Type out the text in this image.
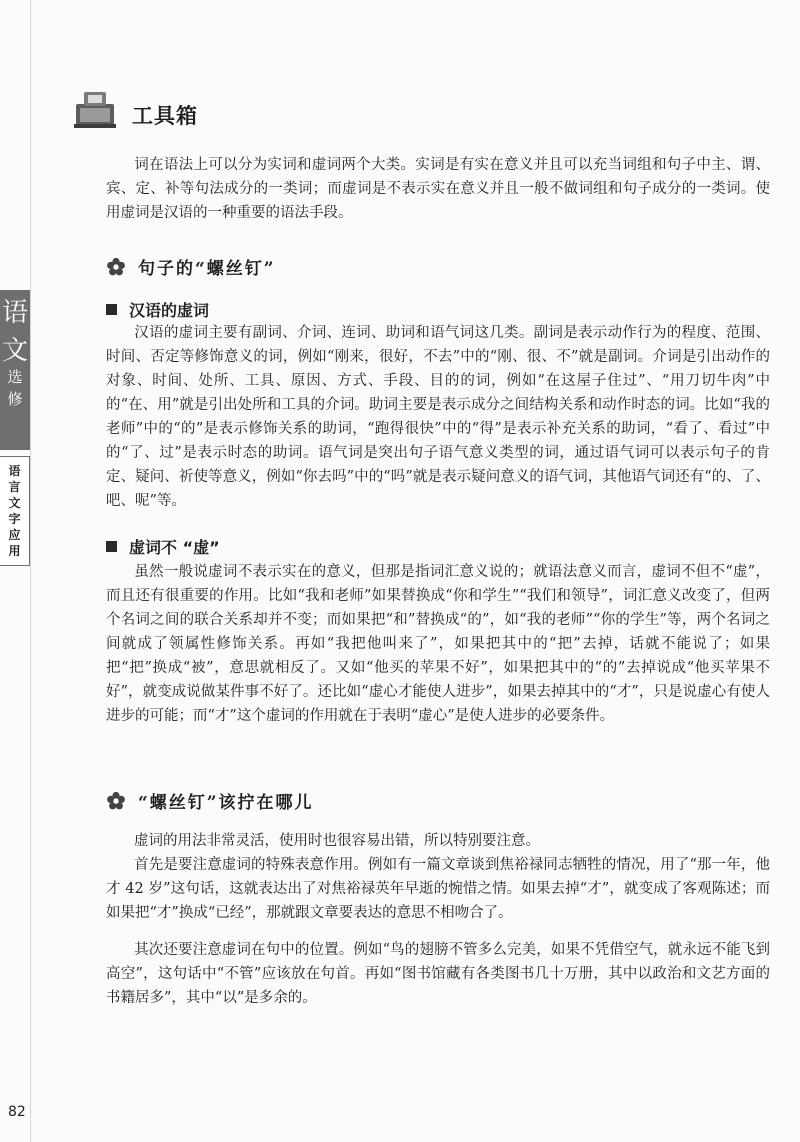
语
文
选
修
语言文字应用
工具箱

词在语法上可以分为实词和虚词两个大类。实词是有实在意义并且可以充当词组和句子中主、谓、宾、定、补等句法成分的一类词；而虚词是不表示实在意义并且一般不做词组和句子成分的一类词。使用虚词是汉语的一种重要的语法手段。

句子的“螺丝钉”
汉语的虚词

汉语的虚词主要有副词、介词、连词、助词和语气词这几类。副词是表示动作行为的程度、范围、时间、否定等修饰意义的词，例如“刚来，很好，不去”中的“刚、很、不”就是副词。介词是引出动作的对象、时间、处所、工具、原因、方式、手段、目的的词，例如“在这屋子住过”、“用刀切牛肉”中的“在、用”就是引出处所和工具的介词。助词主要是表示成分之间结构关系和动作时态的词。比如“我的老师”中的“的”是表示修饰关系的助词，“跑得很快”中的“得”是表示补充关系的助词，“看了、看过”中的“了、过”是表示时态的助词。语气词是突出句子语气意义类型的词，通过语气词可以表示句子的肯定、疑问、祈使等意义，例如“你去吗”中的“吗”就是表示疑问意义的语气词，其他语气词还有“的、了、吧、呢”等。

虚词不 “虚”

虽然一般说虚词不表示实在的意义，但那是指词汇意义说的；就语法意义而言，虚词不但不“虚”，而且还有很重要的作用。比如“我和老师”如果替换成“你和学生”“我们和领导”，词汇意义改变了，但两个名词之间的联合关系却并不变；而如果把“和”替换成“的”，如“我的老师”“你的学生”等，两个名词之间就成了领属性修饰关系。再如“我把他叫来了”，如果把其中的“把”去掉，话就不能说了；如果把“把”换成“被”，意思就相反了。又如“他买的苹果不好”，如果把其中的“的”去掉说成“他买苹果不好”，就变成说做某件事不好了。还比如“虚心才能使人进步”，如果去掉其中的“才”，只是说虚心有使人进步的可能；而“才”这个虚词的作用就在于表明“虚心”是使人进步的必要条件。

“螺丝钉”该拧在哪儿

虚词的用法非常灵活，使用时也很容易出错，所以特别要注意。

首先是要注意虚词的特殊表意作用。例如有一篇文章谈到焦裕禄同志牺牲的情况，用了“那一年，他才 42 岁”这句话，这就表达出了对焦裕禄英年早逝的惋惜之情。如果去掉“才”，就变成了客观陈述；而如果把“才”换成“已经”，那就跟文章要表达的意思不相吻合了。

其次还要注意虚词在句中的位置。例如“鸟的翅膀不管多么完美，如果不凭借空气，就永远不能飞到高空”，这句话中“不管”应该放在句首。再如“图书馆藏有各类图书几十万册，其中以政治和文艺方面的书籍居多”，其中“以”是多余的。

82
